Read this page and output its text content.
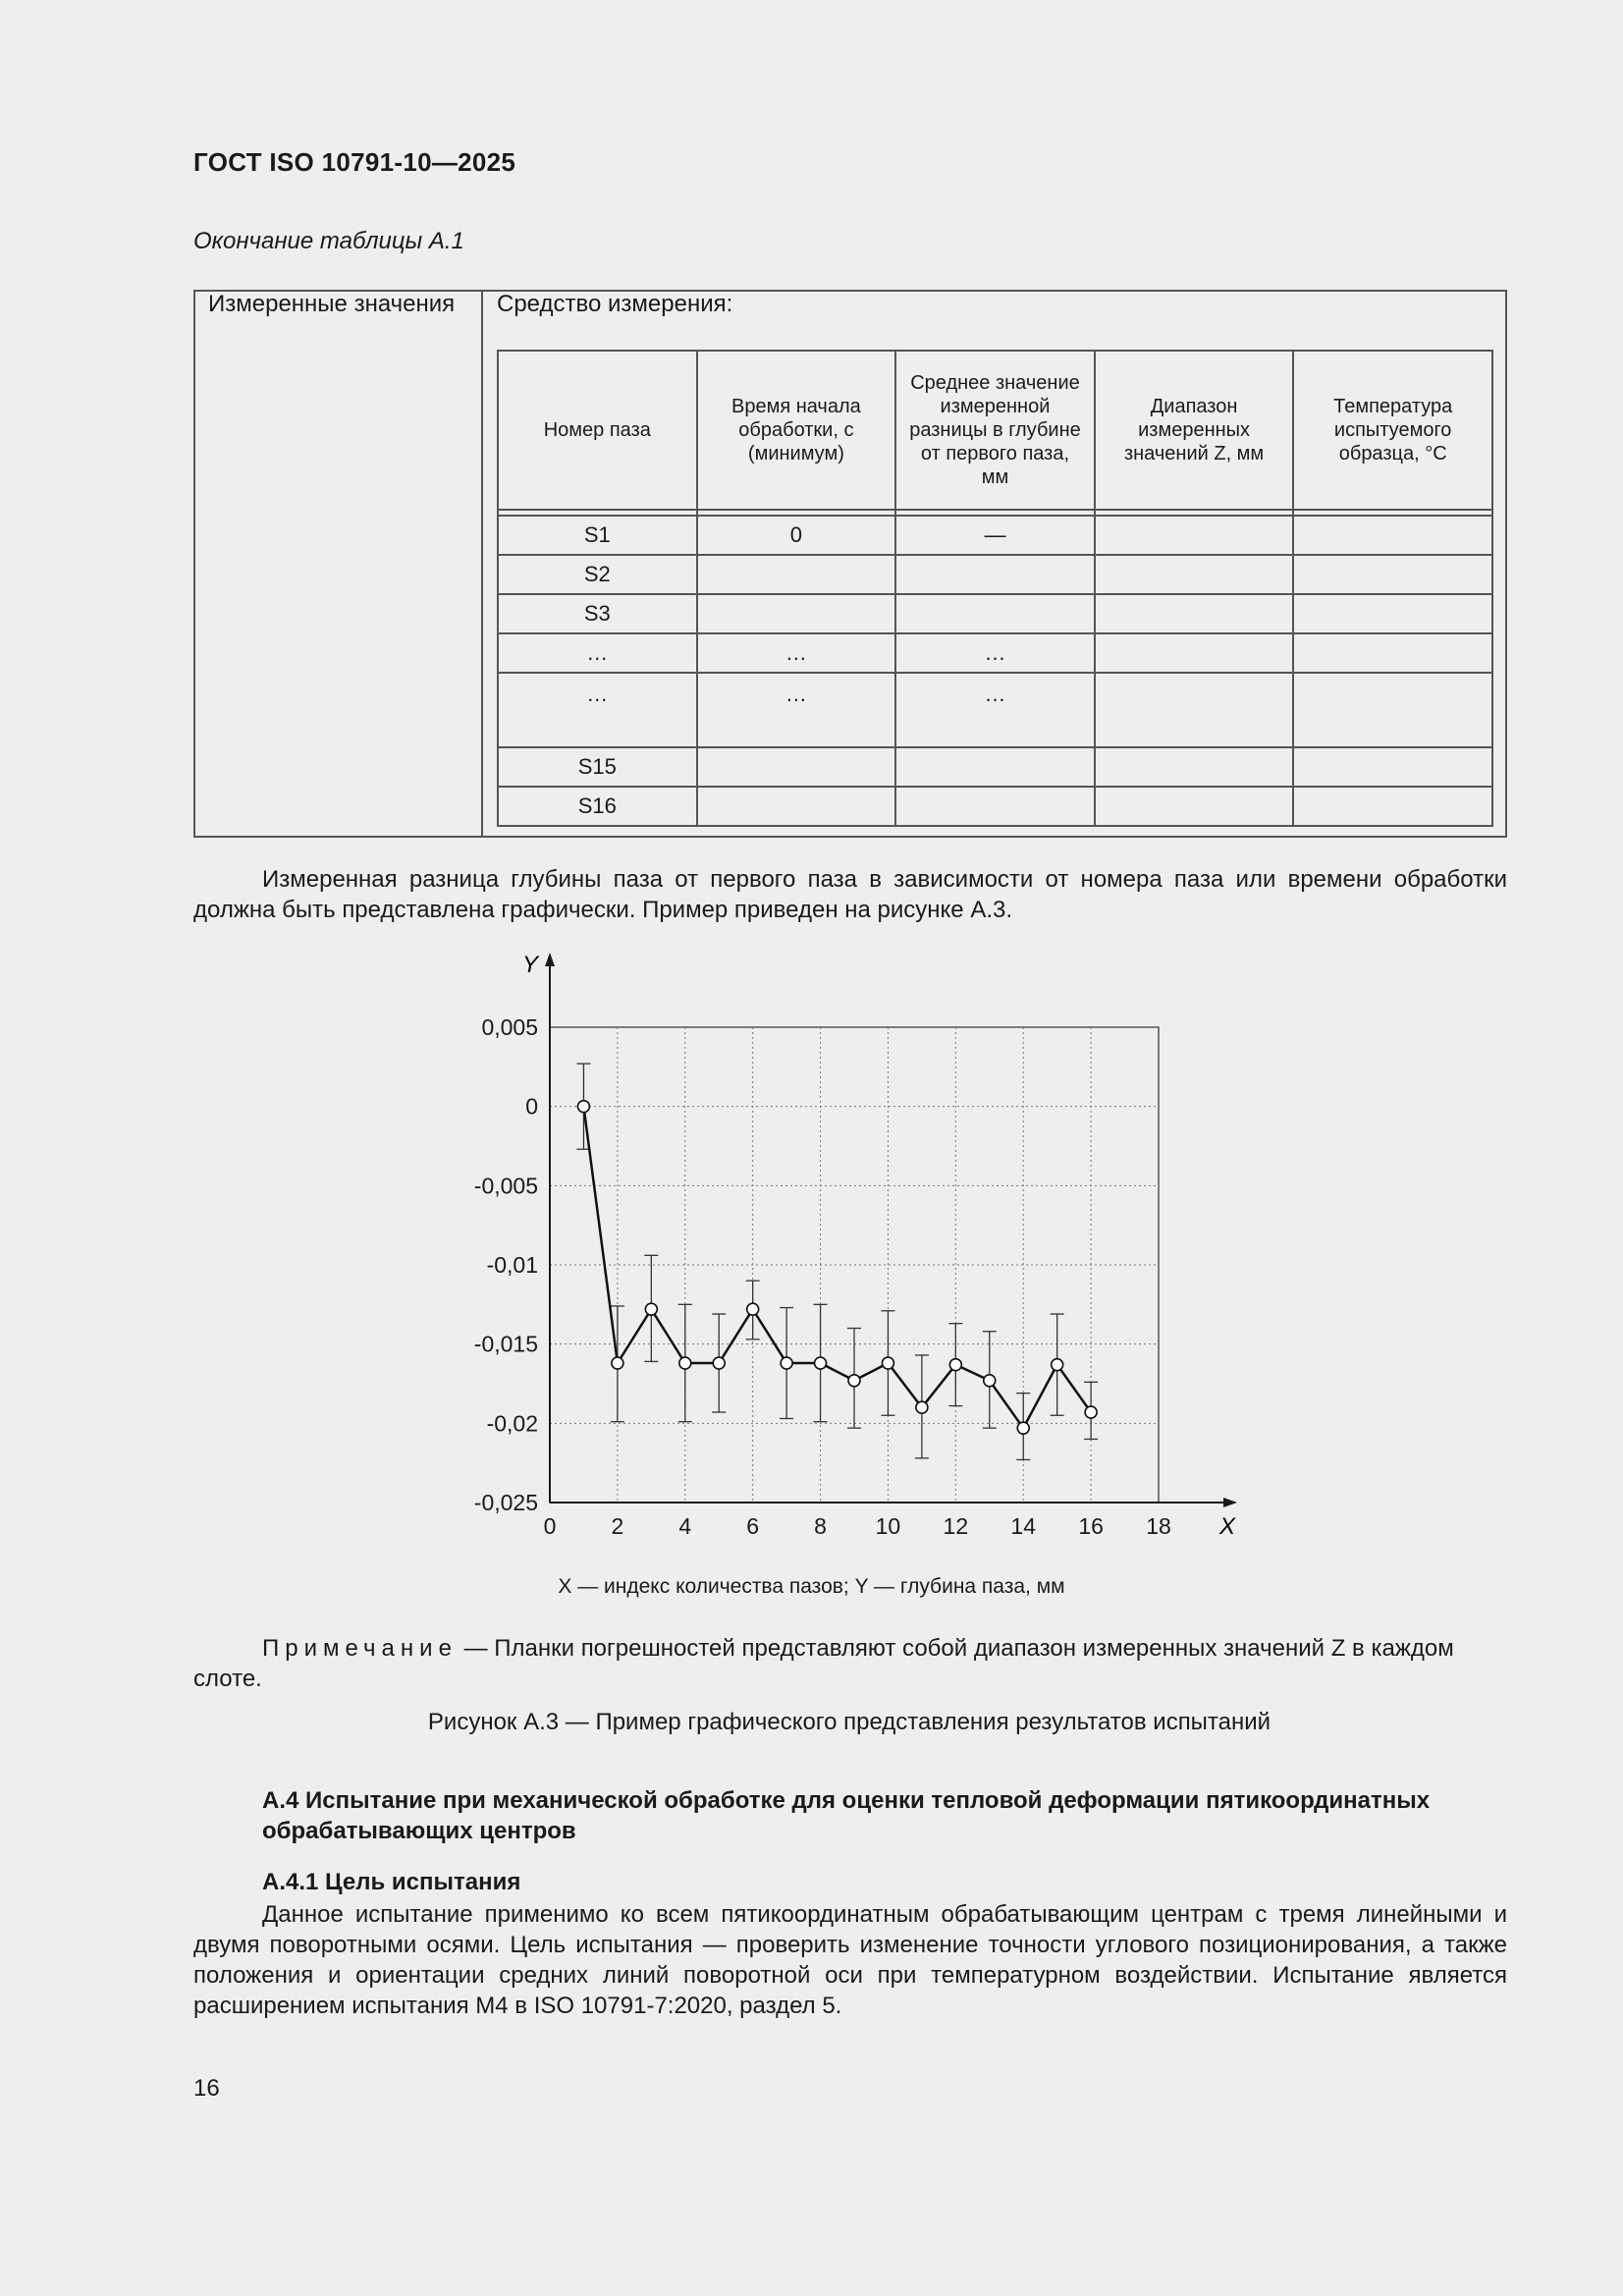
ГОСТ ISO 10791-10—2025
Окончание таблицы А.1
Измеренные значения Средство измерения:
Номер паза	Время начала обработки, с (минимум)	Среднее значение измеренной разницы в глубине от первого паза, мм	Диапазон измеренных значений Z, мм	Температура испытуемого образца, °С

S1	0	—		
S2				
S3				
…	…	…		
…	…	…		
S15				
S16				
Измеренная разница глубины паза от первого паза в зависимости от номера паза или времени обработки должна быть представлена графически. Пример приведен на рисунке А.3.
0 2 4 6 8 10 12 14 16 18
0,005
0
-0,005
-0,01
-0,015
-0,02
-0,025
X
Y
X — индекс количества пазов; Y — глубина паза, мм
Примечание — Планки погрешностей представляют собой диапазон измеренных значений Z в каждом слоте.
Рисунок А.3 — Пример графического представления результатов испытаний
А.4 Испытание при механической обработке для оценки тепловой деформации пятикоординатных обрабатывающих центров
А.4.1 Цель испытания
Данное испытание применимо ко всем пятикоординатным обрабатывающим центрам с тремя линейными и двумя поворотными осями. Цель испытания — проверить изменение точности углового позиционирования, а также положения и ориентации средних линий поворотной оси при температурном воздействии. Испытание является расширением испытания M4 в ISO 10791-7:2020, раздел 5.
16
